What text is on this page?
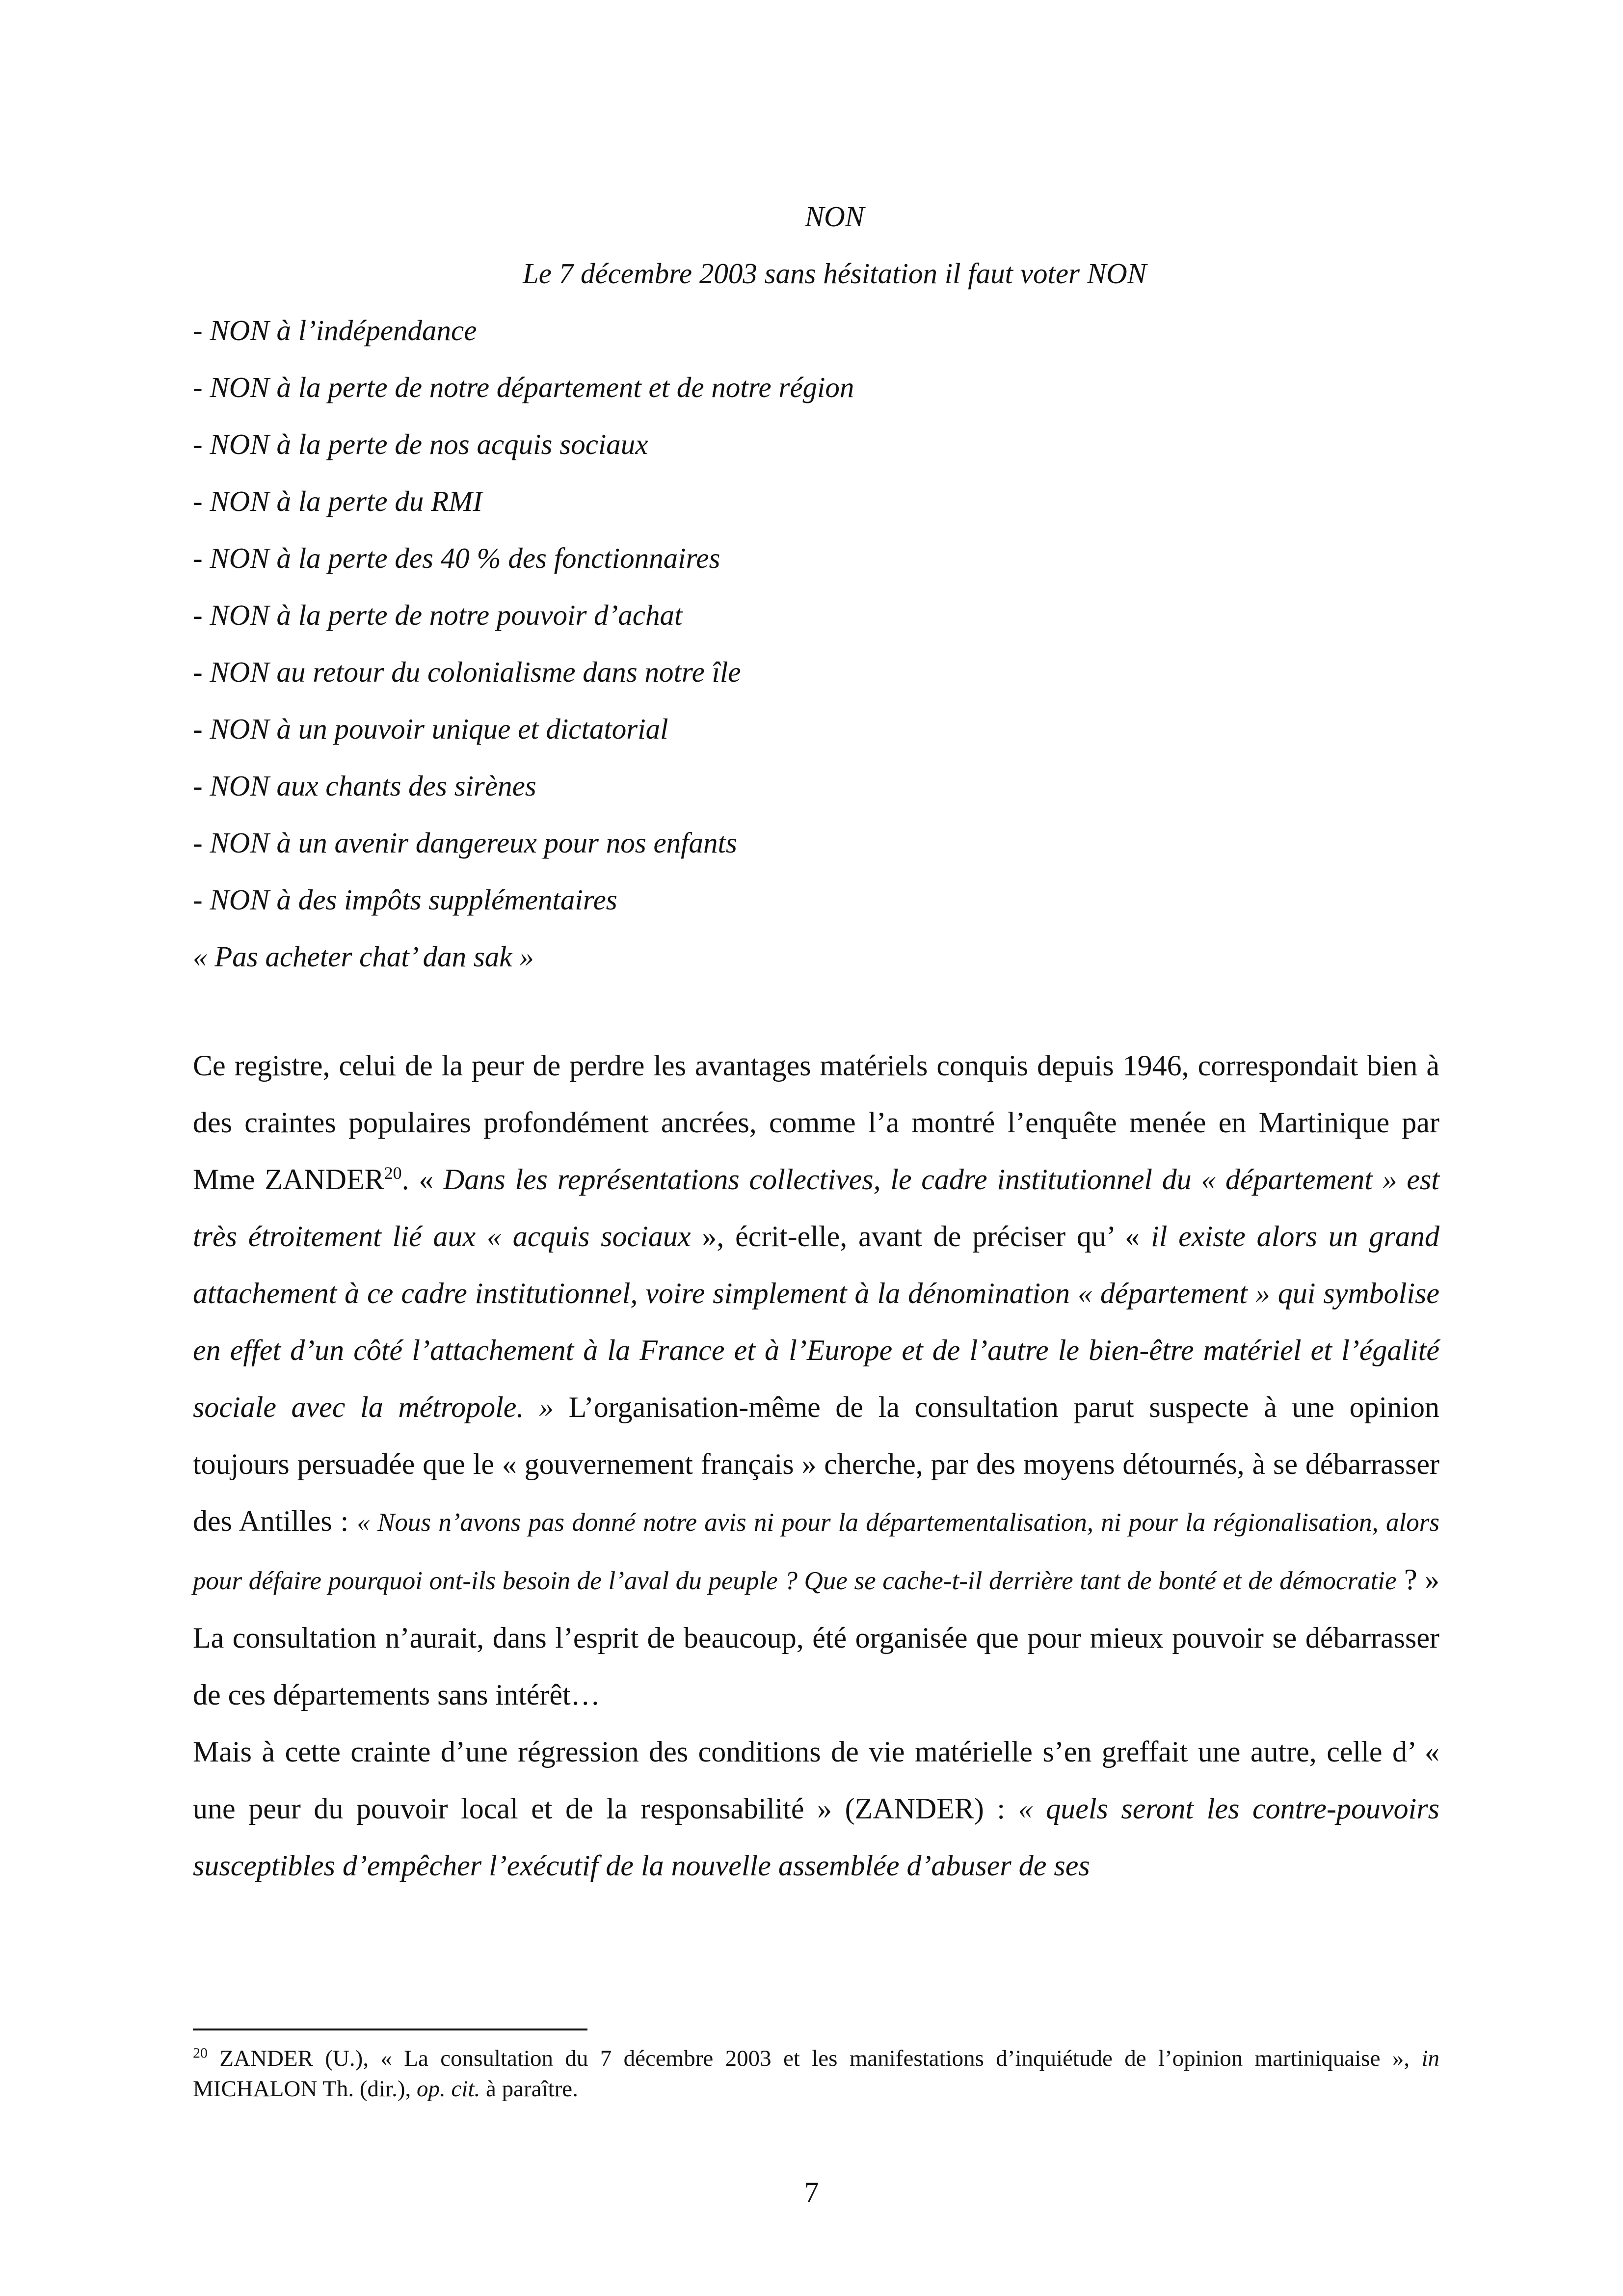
NON
Le 7 décembre 2003 sans hésitation il faut voter NON
- NON à l’indépendance
- NON à la perte de notre département et de notre région
- NON à la perte de nos acquis sociaux
- NON à la perte du RMI
- NON à la perte des 40 % des fonctionnaires
- NON à la perte de notre pouvoir d’achat
- NON au retour du colonialisme dans notre île
- NON à un pouvoir unique et dictatorial
- NON aux chants des sirènes
- NON à un avenir dangereux pour nos enfants
- NON à des impôts supplémentaires
« Pas acheter chat’ dan sak »

Ce registre, celui de la peur de perdre les avantages matériels conquis depuis 1946, correspondait bien à des craintes populaires profondément ancrées, comme l’a montré l’enquête menée en Martinique par Mme ZANDER$^{20}$. « Dans les représentations collectives, le cadre institutionnel du « département » est très étroitement lié aux « acquis sociaux », écrit-elle, avant de préciser qu’ « il existe alors un grand attachement à ce cadre institutionnel, voire simplement à la dénomination « département » qui symbolise en effet d’un côté l’attachement à la France et à l’Europe et de l’autre le bien-être matériel et l’égalité sociale avec la métropole. » L’organisation-même de la consultation parut suspecte à une opinion toujours persuadée que le « gouvernement français » cherche, par des moyens détournés, à se débarrasser des Antilles : « Nous n’avons pas donné notre avis ni pour la départementalisation, ni pour la régionalisation, alors pour défaire pourquoi ont-ils besoin de l’aval du peuple ? Que se cache-t-il derrière tant de bonté et de démocratie ? » La consultation n’aurait, dans l’esprit de beaucoup, été organisée que pour mieux pouvoir se débarrasser de ces départements sans intérêt…

Mais à cette crainte d’une régression des conditions de vie matérielle s’en greffait une autre, celle d’ « une peur du pouvoir local et de la responsabilité » (ZANDER) : « quels seront les contre-pouvoirs susceptibles d’empêcher l’exécutif de la nouvelle assemblée d’abuser de ses

$^{20}$ ZANDER (U.), « La consultation du 7 décembre 2003 et les manifestations d’inquiétude de l’opinion martiniquaise », in MICHALON Th. (dir.), op. cit. à paraître.
7
